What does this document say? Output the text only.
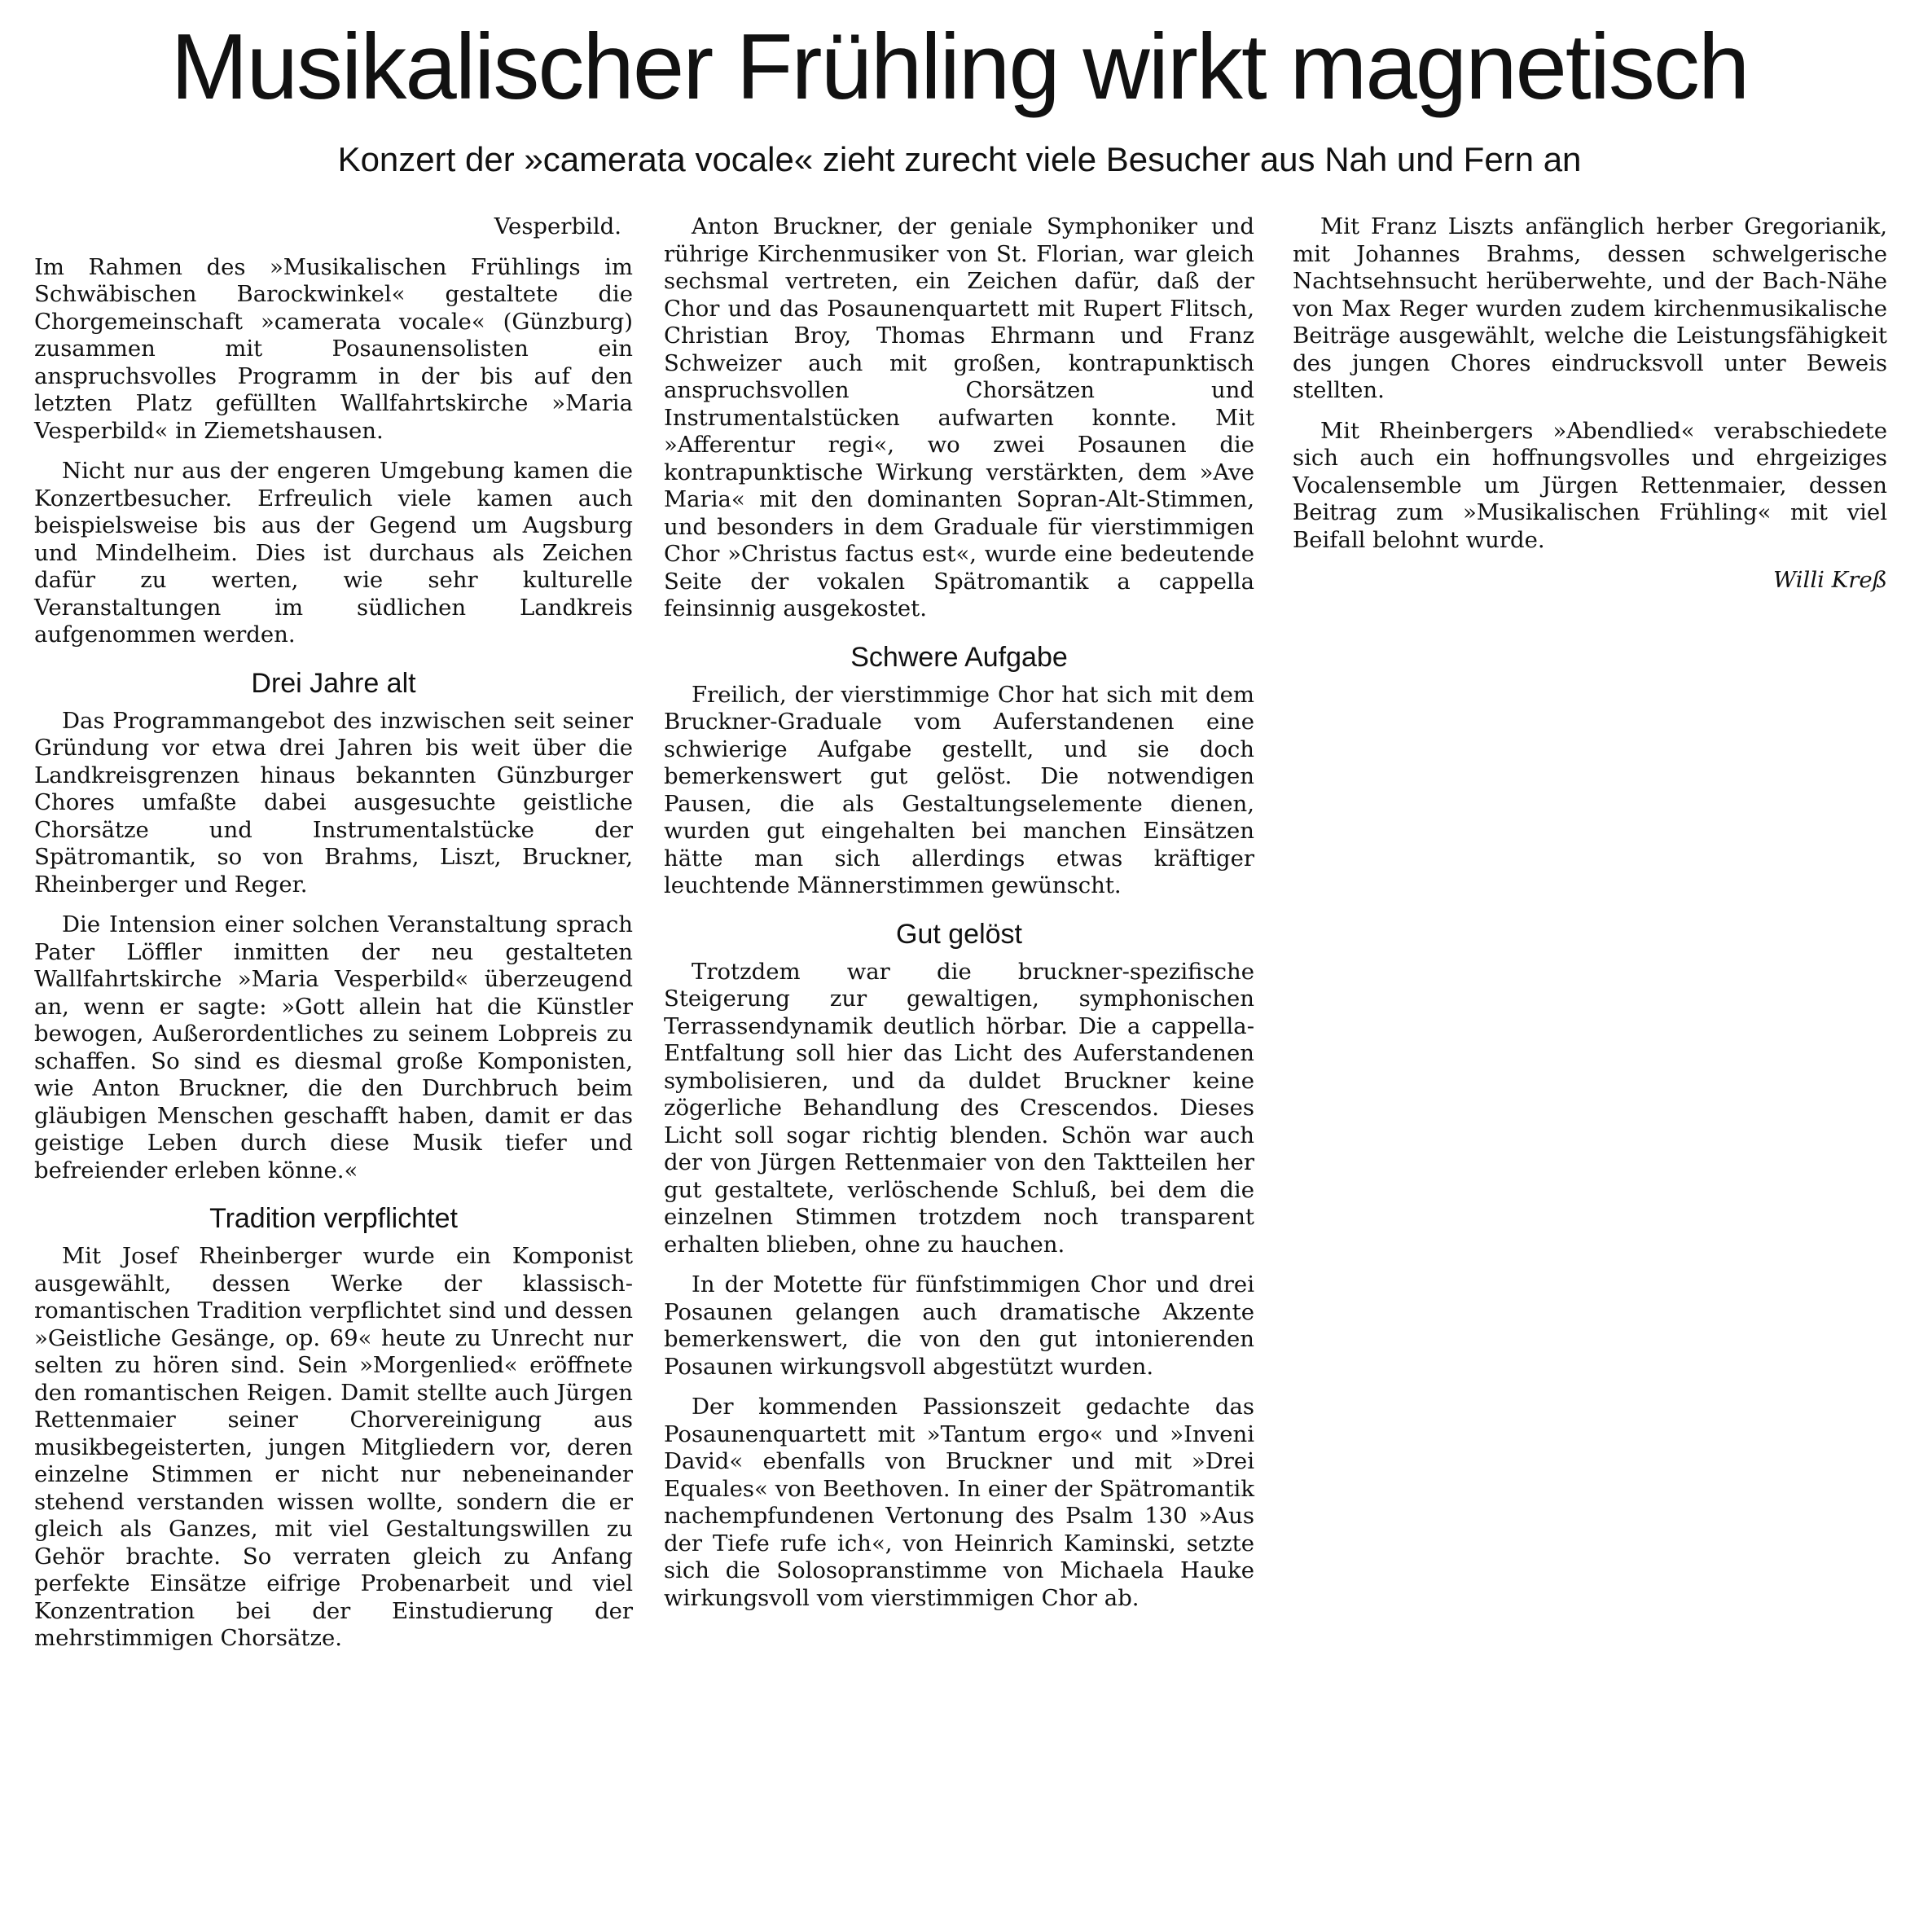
Musikalischer Frühling wirkt magnetisch
Konzert der »camerata vocale« zieht zurecht viele Besucher aus Nah und Fern an

Vesperbild.

Im Rahmen des »Musikalischen Frühlings im Schwäbischen Barockwinkel« gestaltete die Chorgemeinschaft »camerata vocale« (Günzburg) zusammen mit Posaunensolisten ein anspruchsvolles Programm in der bis auf den letzten Platz gefüllten Wallfahrtskirche »Maria Vesperbild« in Ziemetshausen.

Nicht nur aus der engeren Umgebung kamen die Konzertbesucher. Erfreulich viele kamen auch beispielsweise bis aus der Gegend um Augsburg und Mindelheim. Dies ist durchaus als Zeichen dafür zu werten, wie sehr kulturelle Veranstaltungen im südlichen Landkreis aufgenommen werden.

Drei Jahre alt

Das Programmangebot des inzwischen seit seiner Gründung vor etwa drei Jahren bis weit über die Landkreisgrenzen hinaus bekannten Günzburger Chores umfaßte dabei ausgesuchte geistliche Chorsätze und Instrumentalstücke der Spätromantik, so von Brahms, Liszt, Bruckner, Rheinberger und Reger.

Die Intension einer solchen Veranstaltung sprach Pater Löffler inmitten der neu gestalteten Wallfahrtskirche »Maria Vesperbild« überzeugend an, wenn er sagte: »Gott allein hat die Künstler bewogen, Außerordentliches zu seinem Lobpreis zu schaffen. So sind es diesmal große Komponisten, wie Anton Bruckner, die den Durchbruch beim gläubigen Menschen geschafft haben, damit er das geistige Leben durch diese Musik tiefer und befreiender erleben könne.«

Tradition verpflichtet

Mit Josef Rheinberger wurde ein Komponist ausgewählt, dessen Werke der klassisch-romantischen Tradition verpflichtet sind und dessen »Geistliche Gesänge, op. 69« heute zu Unrecht nur selten zu hören sind. Sein »Morgenlied« eröffnete den romantischen Reigen. Damit stellte auch Jürgen Rettenmaier seiner Chorvereinigung aus musikbegeisterten, jungen Mitgliedern vor, deren einzelne Stimmen er nicht nur nebeneinander stehend verstanden wissen wollte, sondern die er gleich als Ganzes, mit viel Gestaltungswillen zu Gehör brachte. So verraten gleich zu Anfang perfekte Einsätze eifrige Probenarbeit und viel Konzentration bei der Einstudierung der mehrstimmigen Chorsätze.

Anton Bruckner, der geniale Symphoniker und rührige Kirchenmusiker von St. Florian, war gleich sechsmal vertreten, ein Zeichen dafür, daß der Chor und das Posaunenquartett mit Rupert Flitsch, Christian Broy, Thomas Ehrmann und Franz Schweizer auch mit großen, kontrapunktisch anspruchsvollen Chorsätzen und Instrumentalstücken aufwarten konnte. Mit »Afferentur regi«, wo zwei Posaunen die kontrapunktische Wirkung verstärkten, dem »Ave Maria« mit den dominanten Sopran-Alt-Stimmen, und besonders in dem Graduale für vierstimmigen Chor »Christus factus est«, wurde eine bedeutende Seite der vokalen Spätromantik a cappella feinsinnig ausgekostet.

Schwere Aufgabe

Freilich, der vierstimmige Chor hat sich mit dem Bruckner-Graduale vom Auferstandenen eine schwierige Aufgabe gestellt, und sie doch bemerkenswert gut gelöst. Die notwendigen Pausen, die als Gestaltungselemente dienen, wurden gut eingehalten bei manchen Einsätzen hätte man sich allerdings etwas kräftiger leuchtende Männerstimmen gewünscht.

Gut gelöst

Trotzdem war die bruckner-spezifische Steigerung zur gewaltigen, symphonischen Terrassendynamik deutlich hörbar. Die a cappella-Entfaltung soll hier das Licht des Auferstandenen symbolisieren, und da duldet Bruckner keine zögerliche Behandlung des Crescendos. Dieses Licht soll sogar richtig blenden. Schön war auch der von Jürgen Rettenmaier von den Taktteilen her gut gestaltete, verlöschende Schluß, bei dem die einzelnen Stimmen trotzdem noch transparent erhalten blieben, ohne zu hauchen.

In der Motette für fünfstimmigen Chor und drei Posaunen gelangen auch dramatische Akzente bemerkenswert, die von den gut intonierenden Posaunen wirkungsvoll abgestützt wurden.

Der kommenden Passionszeit gedachte das Posaunenquartett mit »Tantum ergo« und »Inveni David« ebenfalls von Bruckner und mit »Drei Equales« von Beethoven. In einer der Spätromantik nachempfundenen Vertonung des Psalm 130 »Aus der Tiefe rufe ich«, von Heinrich Kaminski, setzte sich die Solosopranstimme von Michaela Hauke wirkungsvoll vom vierstimmigen Chor ab.

Mit Franz Liszts anfänglich herber Gregorianik, mit Johannes Brahms, dessen schwelgerische Nachtsehnsucht herüberwehte, und der Bach-Nähe von Max Reger wurden zudem kirchenmusikalische Beiträge ausgewählt, welche die Leistungsfähigkeit des jungen Chores eindrucksvoll unter Beweis stellten.

Mit Rheinbergers »Abendlied« verabschiedete sich auch ein hoffnungsvolles und ehrgeiziges Vocalensemble um Jürgen Rettenmaier, dessen Beitrag zum »Musikalischen Frühling« mit viel Beifall belohnt wurde.

Willi Kreß
